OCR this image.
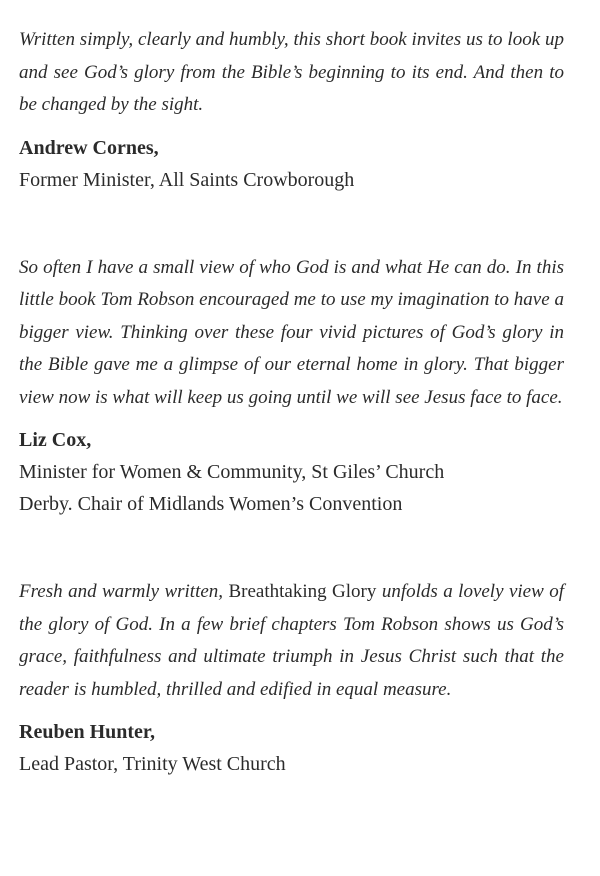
Written simply, clearly and humbly, this short book invites us to look up and see God’s glory from the Bible’s beginning to its end. And then to be changed by the sight.

Andrew Cornes,

Former Minister, All Saints Crowborough

So often I have a small view of who God is and what He can do. In this little book Tom Robson encouraged me to use my imagination to have a bigger view. Thinking over these four vivid pictures of God’s glory in the Bible gave me a glimpse of our eternal home in glory. That bigger view now is what will keep us going until we will see Jesus face to face.

Liz Cox,

Minister for Women & Community, St Giles’ Church

Derby. Chair of Midlands Women’s Convention

Fresh and warmly written, Breathtaking Glory unfolds a lovely view of the glory of God. In a few brief chapters Tom Robson shows us God’s grace, faithfulness and ultimate triumph in Jesus Christ such that the reader is humbled, thrilled and edified in equal measure.

Reuben Hunter,

Lead Pastor, Trinity West Church
